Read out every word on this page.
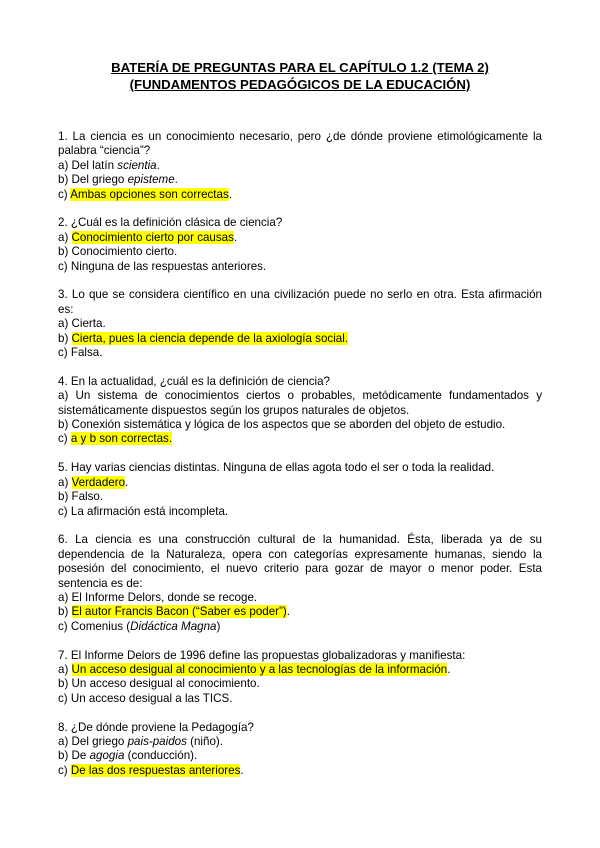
BATERÍA DE PREGUNTAS PARA EL CAPÍTULO 1.2 (TEMA 2)
(FUNDAMENTOS PEDAGÓGICOS DE LA EDUCACIÓN)

1. La ciencia es un conocimiento necesario, pero ¿de dónde proviene etimológicamente la palabra “ciencia”?

a) Del latín scientia.

b) Del griego episteme.

c) Ambas opciones son correctas.

2. ¿Cuál es la definición clásica de ciencia?

a) Conocimiento cierto por causas.

b) Conocimiento cierto.

c) Ninguna de las respuestas anteriores.

3. Lo que se considera científico en una civilización puede no serlo en otra. Esta afirmación es:

a) Cierta.

b) Cierta, pues la ciencia depende de la axiología social.

c) Falsa.

4. En la actualidad, ¿cuál es la definición de ciencia?

a) Un sistema de conocimientos ciertos o probables, metódicamente fundamentados y sistemáticamente dispuestos según los grupos naturales de objetos.

b) Conexión sistemática y lógica de los aspectos que se aborden del objeto de estudio.

c) a y b son correctas.

5. Hay varias ciencias distintas. Ninguna de ellas agota todo el ser o toda la realidad.

a) Verdadero.

b) Falso.

c) La afirmación está incompleta.

6. La ciencia es una construcción cultural de la humanidad. Ésta, liberada ya de su dependencia de la Naturaleza, opera con categorías expresamente humanas, siendo la posesión del conocimiento, el nuevo criterio para gozar de mayor o menor poder. Esta sentencia es de:

a) El Informe Delors, donde se recoge.

b) El autor Francis Bacon (“Saber es poder”).

c) Comenius (Didáctica Magna)

7. El Informe Delors de 1996 define las propuestas globalizadoras y manifiesta:

a) Un acceso desigual al conocimiento y a las tecnologías de la información.

b) Un acceso desigual al conocimiento.

c) Un acceso desigual a las TICS.

8. ¿De dónde proviene la Pedagogía?

a) Del griego pais-paidos (niño).

b) De agogia (conducción).

c) De las dos respuestas anteriores.
